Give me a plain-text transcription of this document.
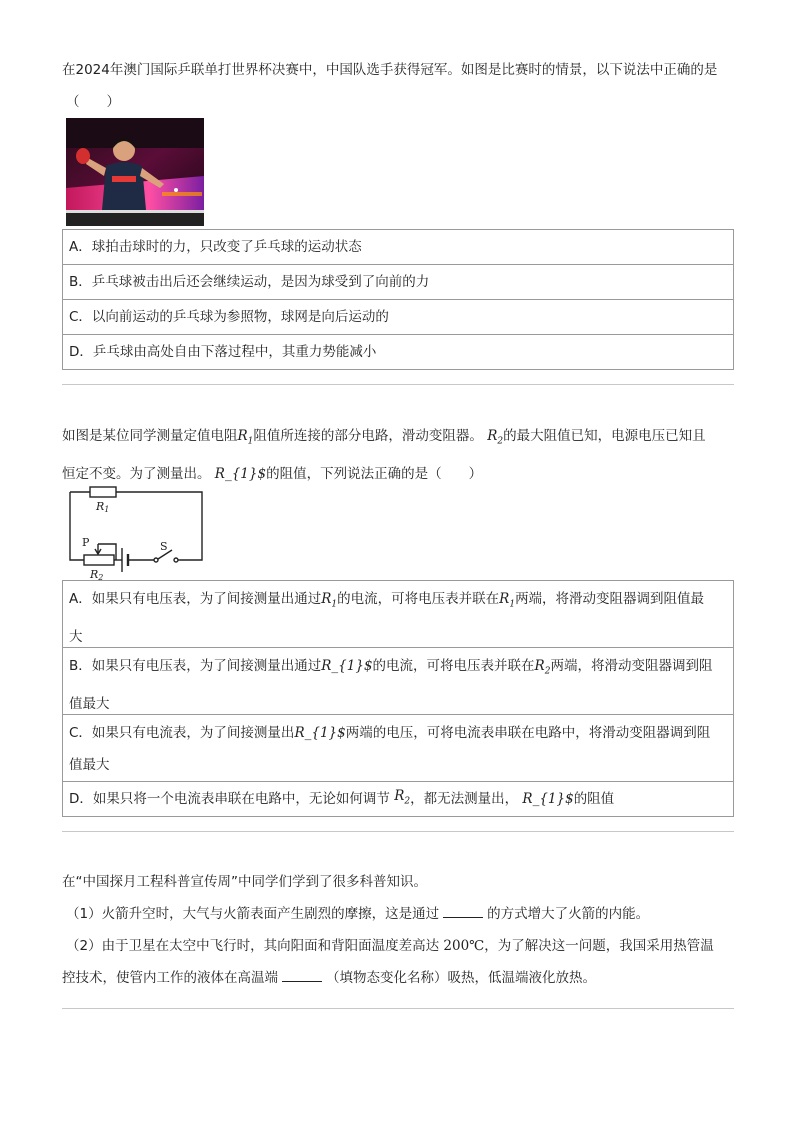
在2024年澳门国际乒联单打世界杯决赛中，中国队选手获得冠军。如图是比赛时的情景，以下说法中正确的是

（　　）

A．球拍击球时的力，只改变了乒乓球的运动状态
B．乒乓球被击出后还会继续运动，是因为球受到了向前的力
C．以向前运动的乒乓球为参照物，球网是向后运动的
D．乒乓球由高处自由下落过程中，其重力势能减小

如图是某位同学测量定值电阻$R_1$阻值所连接的部分电路，滑动变阻器。 $R_2$的最大阻值已知，电源电压已知且

恒定不变。为了测量出。 R_{1}$的阻值，下列说法正确的是（　　）

R1
P
R2
S
A．如果只有电压表，为了间接测量出通过$R_1$的电流，可将电压表并联在$R_1$两端，将滑动变阻器调到阻值最
大
B．如果只有电压表，为了间接测量出通过R_{1}$的电流，可将电压表并联在$R_2$两端，将滑动变阻器调到阻
值最大
C．如果只有电流表，为了间接测量出R_{1}$两端的电压，可将电流表串联在电路中，将滑动变阻器调到阻
值最大
D．如果只将一个电流表串联在电路中，无论如何调节
$R_2$ ，都无法测量出，
R_{1}$ 的阻值
在“中国探月工程科普宣传周”中同学们学到了很多科普知识。
（1）火箭升空时，大气与火箭表面产生剧烈的摩擦，这是通过	的方式增大了火箭的内能。
（2）由于卫星在太空中飞行时，其向阳面和背阳面温度差高达 200℃，为了解决这一问题，我国采用热管温
控技术，使管内工作的液体在高温端	（填物态变化名称）吸热，低温端液化放热。
